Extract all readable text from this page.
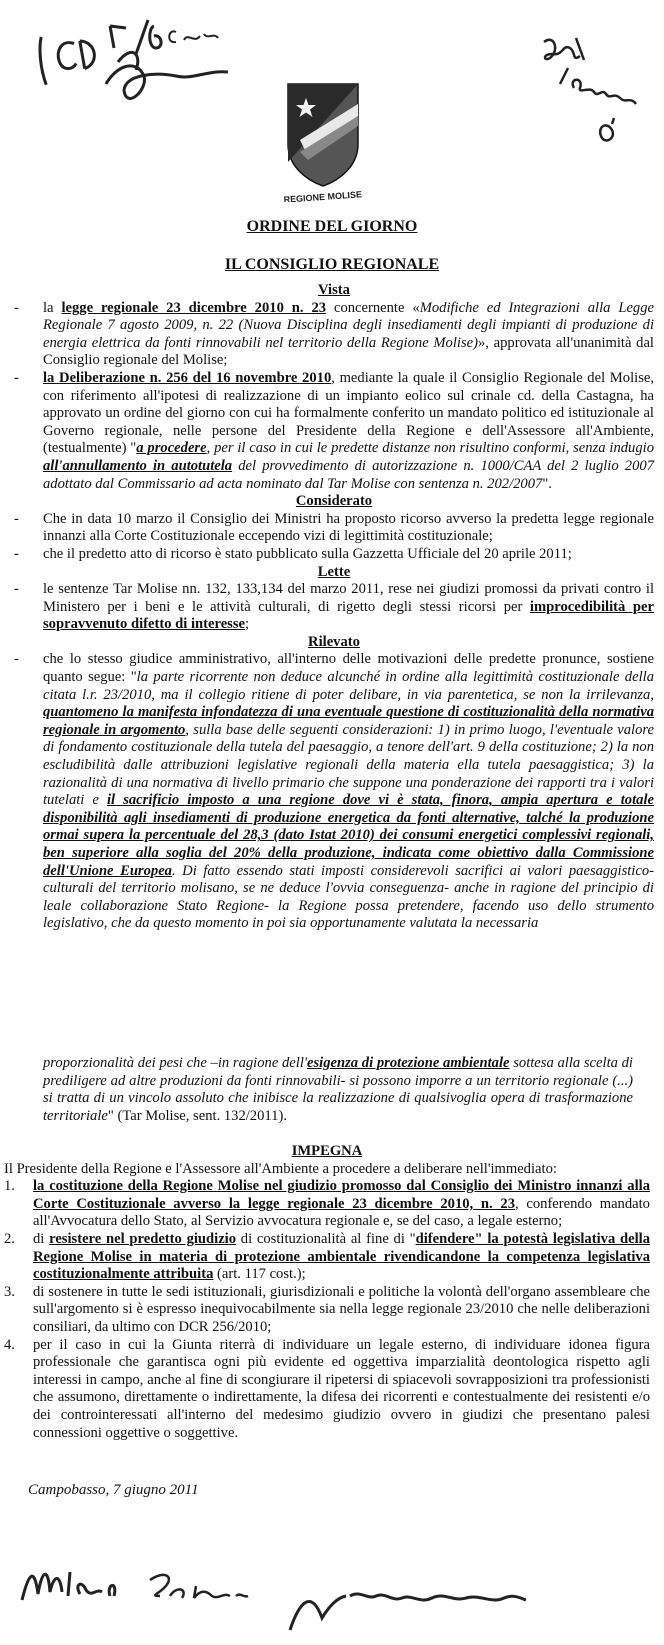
REGIONE MOLISE
ORDINE DEL GIORNO
IL CONSIGLIO REGIONALE

Vista

- la legge regionale 23 dicembre 2010 n. 23 concernente «Modifiche ed Integrazioni alla Legge Regionale 7 agosto 2009, n. 22 (Nuova Disciplina degli insediamenti degli impianti di produzione di energia elettrica da fonti rinnovabili nel territorio della Regione Molise)», approvata all'unanimità dal Consiglio regionale del Molise;

- la Deliberazione n. 256 del 16 novembre 2010, mediante la quale il Consiglio Regionale del Molise, con riferimento all'ipotesi di realizzazione di un impianto eolico sul crinale cd. della Castagna, ha approvato un ordine del giorno con cui ha formalmente conferito un mandato politico ed istituzionale al Governo regionale, nelle persone del Presidente della Regione e dell'Assessore all'Ambiente, (testualmente) "a procedere, per il caso in cui le predette distanze non risultino conformi, senza indugio all'annullamento in autotutela del provvedimento di autorizzazione n. 1000/CAA del 2 luglio 2007 adottato dal Commissario ad acta nominato dal Tar Molise con sentenza n. 202/2007".

Considerato

- Che in data 10 marzo il Consiglio dei Ministri ha proposto ricorso avverso la predetta legge regionale innanzi alla Corte Costituzionale eccependo vizi di legittimità costituzionale;

- che il predetto atto di ricorso è stato pubblicato sulla Gazzetta Ufficiale del 20 aprile 2011;

Lette

- le sentenze Tar Molise nn. 132, 133,134 del marzo 2011, rese nei giudizi promossi da privati contro il Ministero per i beni e le attività culturali, di rigetto degli stessi ricorsi per improcedibilità per sopravvenuto difetto di interesse;

Rilevato

- che lo stesso giudice amministrativo, all'interno delle motivazioni delle predette pronunce, sostiene quanto segue: "la parte ricorrente non deduce alcunché in ordine alla legittimità costituzionale della citata l.r. 23/2010, ma il collegio ritiene di poter delibare, in via parentetica, se non la irrilevanza, quantomeno la manifesta infondatezza di una eventuale questione di costituzionalità della normativa regionale in argomento, sulla base delle seguenti considerazioni: 1) in primo luogo, l'eventuale valore di fondamento costituzionale della tutela del paesaggio, a tenore dell'art. 9 della costituzione; 2) la non escludibilità dalle attribuzioni legislative regionali della materia ella tutela paesaggistica; 3) la razionalità di una normativa di livello primario che suppone una ponderazione dei rapporti tra i valori tutelati e il sacrificio imposto a una regione dove vi è stata, finora, ampia apertura e totale disponibilità agli insediamenti di produzione energetica da fonti alternative, talché la produzione ormai supera la percentuale del 28,3 (dato Istat 2010) dei consumi energetici complessivi regionali, ben superiore alla soglia del 20% della produzione, indicata come obiettivo dalla Commissione dell'Unione Europea. Di fatto essendo stati imposti considerevoli sacrifici ai valori paesaggistico-culturali del territorio molisano, se ne deduce l'ovvia conseguenza- anche in ragione del principio di leale collaborazione Stato Regione- la Regione possa pretendere, facendo uso dello strumento legislativo, che da questo momento in poi sia opportunamente valutata la necessaria

proporzionalità dei pesi che –in ragione dell'esigenza di protezione ambientale sottesa alla scelta di prediligere ad altre produzioni da fonti rinnovabili- si possono imporre a un territorio regionale (...) si tratta di un vincolo assoluto che inibisce la realizzazione di qualsivoglia opera di trasformazione territoriale" (Tar Molise, sent. 132/2011).

IMPEGNA

Il Presidente della Regione e l'Assessore all'Ambiente a procedere a deliberare nell'immediato:

1. la costituzione della Regione Molise nel giudizio promosso dal Consiglio dei Ministro innanzi alla Corte Costituzionale avverso la legge regionale 23 dicembre 2010, n. 23, conferendo mandato all'Avvocatura dello Stato, al Servizio avvocatura regionale e, se del caso, a legale esterno;

2. di resistere nel predetto giudizio di costituzionalità al fine di "difendere" la potestà legislativa della Regione Molise in materia di protezione ambientale rivendicandone la competenza legislativa costituzionalmente attribuita (art. 117 cost.);

3. di sostenere in tutte le sedi istituzionali, giurisdizionali e politiche la volontà dell'organo assembleare che sull'argomento si è espresso inequivocabilmente sia nella legge regionale 23/2010 che nelle deliberazioni consiliari, da ultimo con DCR 256/2010;

4. per il caso in cui la Giunta riterrà di individuare un legale esterno, di individuare idonea figura professionale che garantisca ogni più evidente ed oggettiva imparzialità deontologica rispetto agli interessi in campo, anche al fine di scongiurare il ripetersi di spiacevoli sovrapposizioni tra professionisti che assumono, direttamente o indirettamente, la difesa dei ricorrenti e contestualmente dei resistenti e/o dei controinteressati all'interno del medesimo giudizio ovvero in giudizi che presentano palesi connessioni oggettive o soggettive.

Campobasso, 7 giugno 2011
